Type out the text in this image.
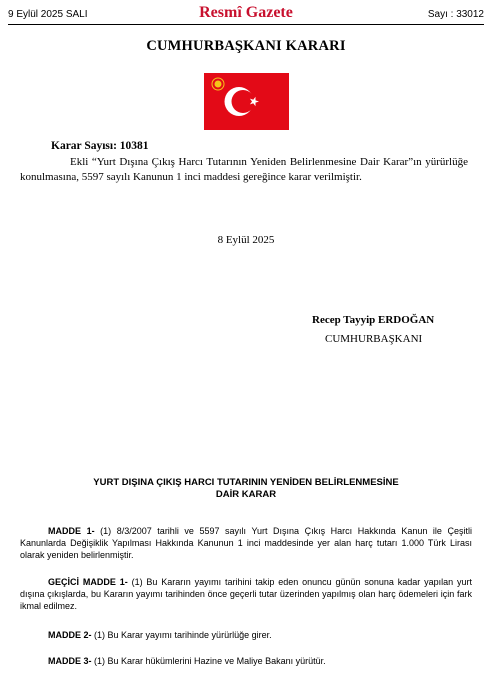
9 Eylül 2025 SALI	Resmî Gazete	Sayı : 33012
CUMHURBAŞKANI KARARI
Karar Sayısı: 10381
Ekli “Yurt Dışına Çıkış Harcı Tutarının Yeniden Belirlenmesine Dair Karar”ın yürürlüğe konulmasına, 5597 sayılı Kanunun 1 inci maddesi gereğince karar verilmiştir.
8 Eylül 2025
Recep Tayyip ERDOĞAN
CUMHURBAŞKANI
YURT DIŞINA ÇIKIŞ HARCI TUTARININ YENİDEN BELİRLENMESİNE
DAİR KARAR

MADDE 1- (1) 8/3/2007 tarihli ve 5597 sayılı Yurt Dışına Çıkış Harcı Hakkında Kanun ile Çeşitli Kanunlarda Değişiklik Yapılması Hakkında Kanunun 1 inci maddesinde yer alan harç tutarı 1.000 Türk Lirası olarak yeniden belirlenmiştir.

GEÇİCİ MADDE 1- (1) Bu Kararın yayımı tarihini takip eden onuncu günün sonuna kadar yapılan yurt dışına çıkışlarda, bu Kararın yayımı tarihinden önce geçerli tutar üzerinden yapılmış olan harç ödemeleri için fark ikmal edilmez.

MADDE 2- (1) Bu Karar yayımı tarihinde yürürlüğe girer.

MADDE 3- (1) Bu Karar hükümlerini Hazine ve Maliye Bakanı yürütür.
